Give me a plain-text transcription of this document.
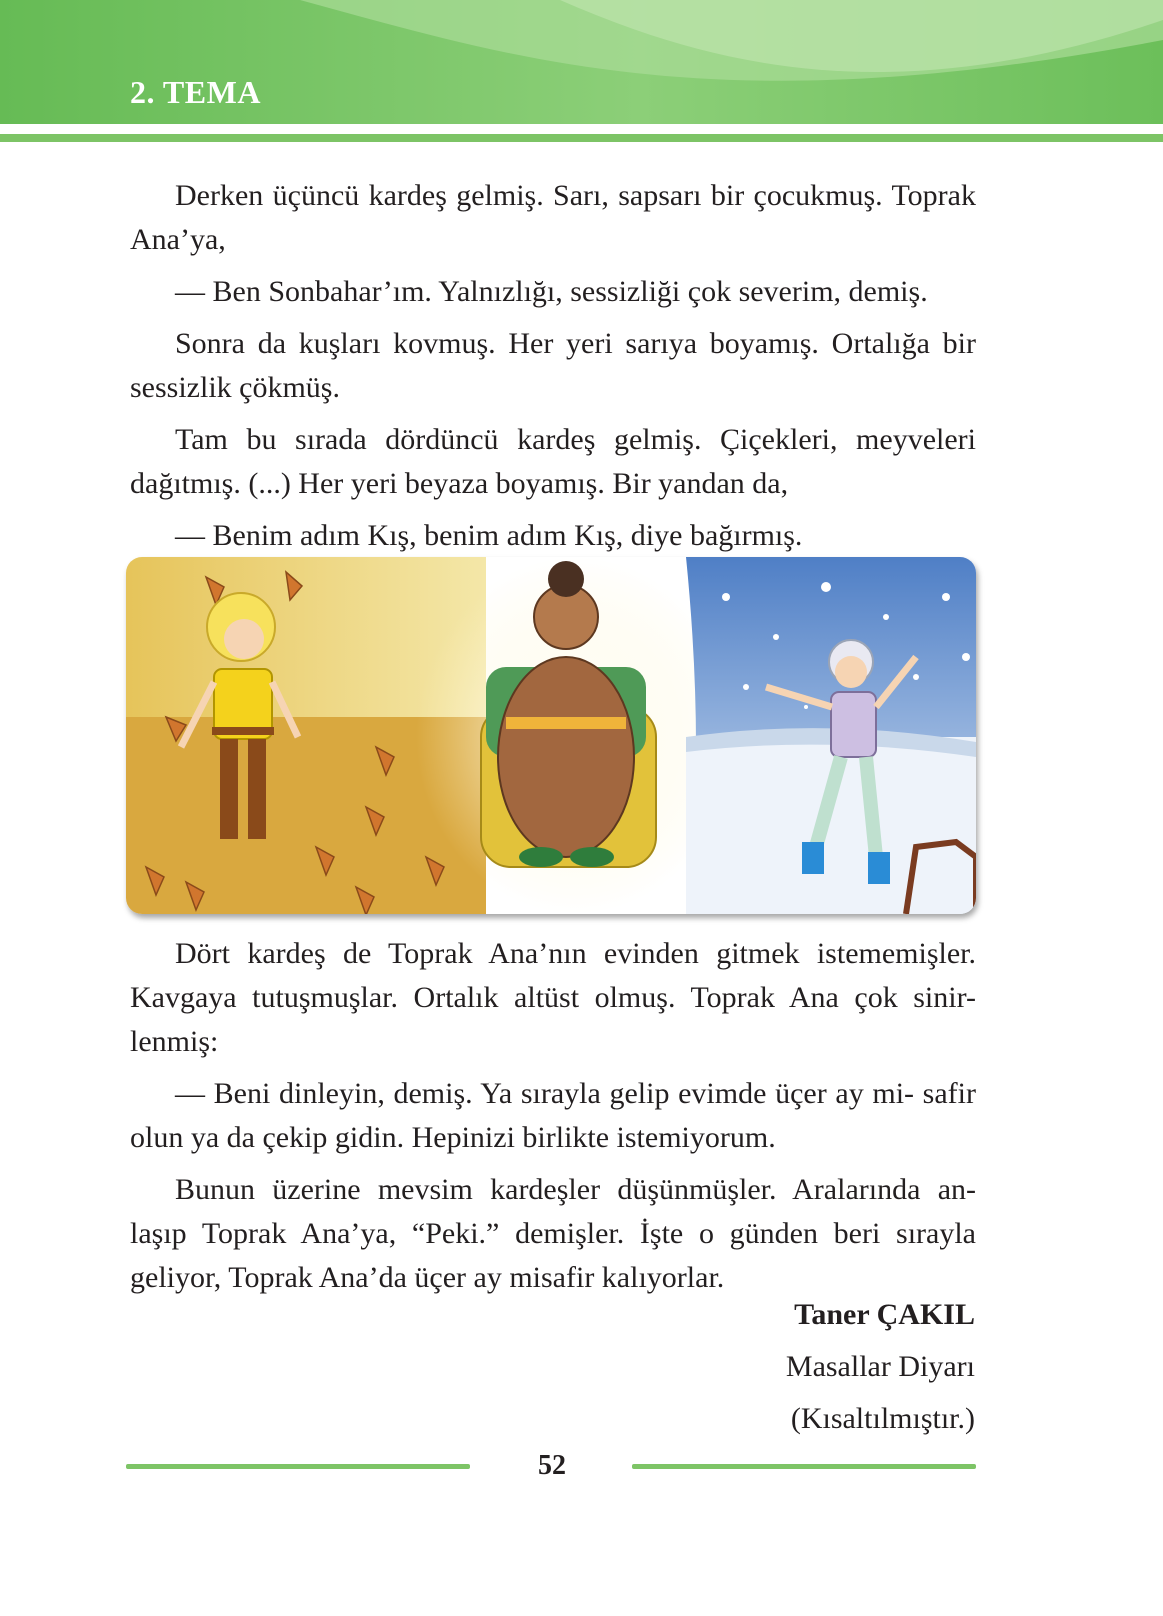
2. TEMA

Derken üçüncü kardeş gelmiş. Sarı, sapsarı bir çocukmuş. Toprak Ana’ya,

— Ben Sonbahar’ım. Yalnızlığı, sessizliği çok severim, demiş.

Sonra da kuşları kovmuş. Her yeri sarıya boyamış. Ortalığa bir sessizlik çökmüş.

Tam bu sırada dördüncü kardeş gelmiş. Çiçekleri, meyveleri dağıtmış. (...) Her yeri beyaza boyamış. Bir yandan da,

— Benim adım Kış, benim adım Kış, diye bağırmış.

Dört kardeş de Toprak Ana’nın evinden gitmek istememişler. Kavgaya tutuşmuşlar. Ortalık altüst olmuş. Toprak Ana çok sinir- lenmiş:

— Beni dinleyin, demiş. Ya sırayla gelip evimde üçer ay mi- safir olun ya da çekip gidin. Hepinizi birlikte istemiyorum.

Bunun üzerine mevsim kardeşler düşünmüşler. Aralarında an- laşıp Toprak Ana’ya, “Peki.” demişler. İşte o günden beri sırayla geliyor, Toprak Ana’da üçer ay misafir kalıyorlar.

Taner ÇAKIL
Masallar Diyarı
(Kısaltılmıştır.)
52
